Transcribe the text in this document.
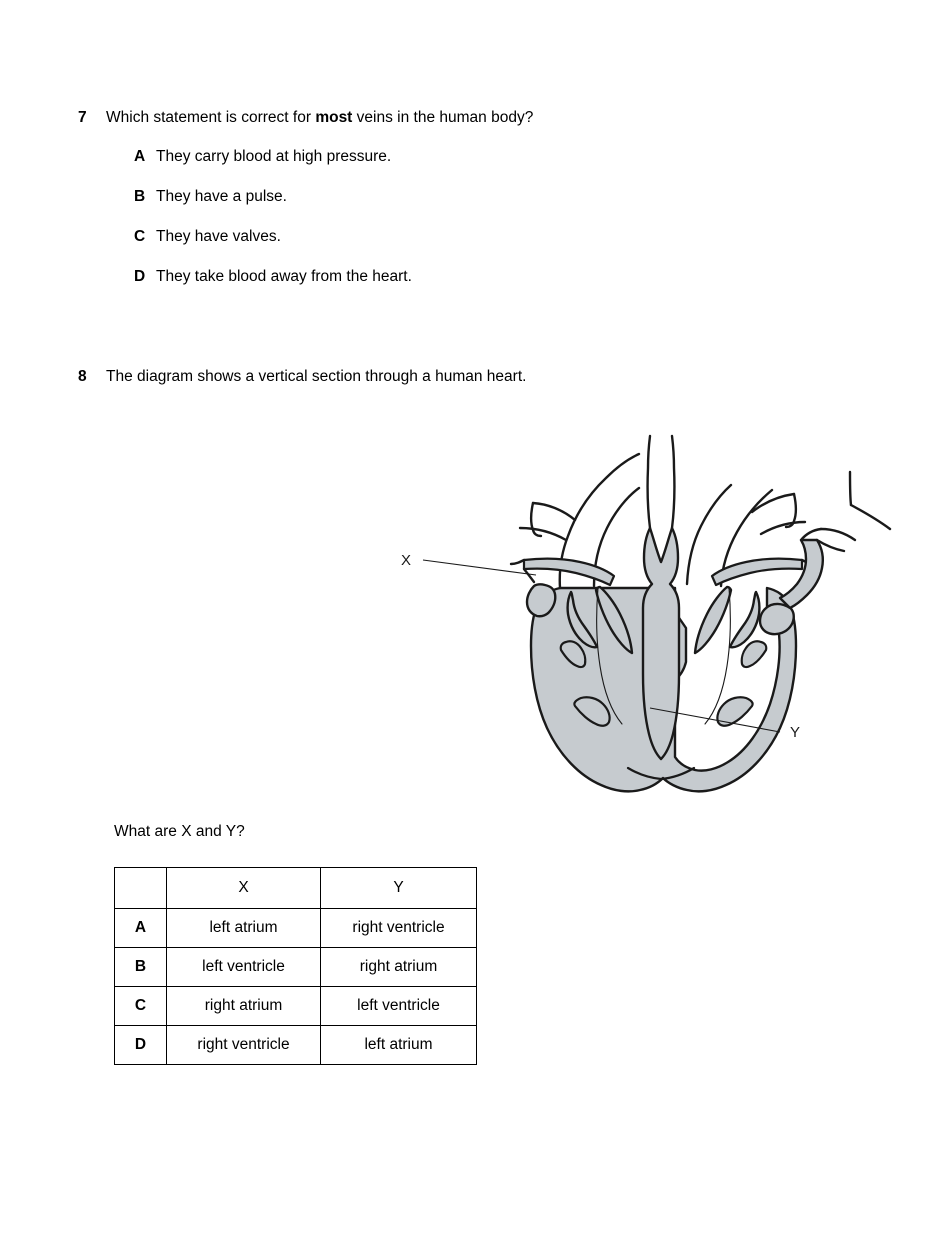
7	Which statement is correct for most veins in the human body?
A They carry blood at high pressure.
B They have a pulse.
C They have valves.
D They take blood away from the heart.
8	The diagram shows a vertical section through a human heart.
X
Y
What are X and Y?
	X	Y
A	left atrium	right ventricle
B	left ventricle	right atrium
C	right atrium	left ventricle
D	right ventricle	left atrium
